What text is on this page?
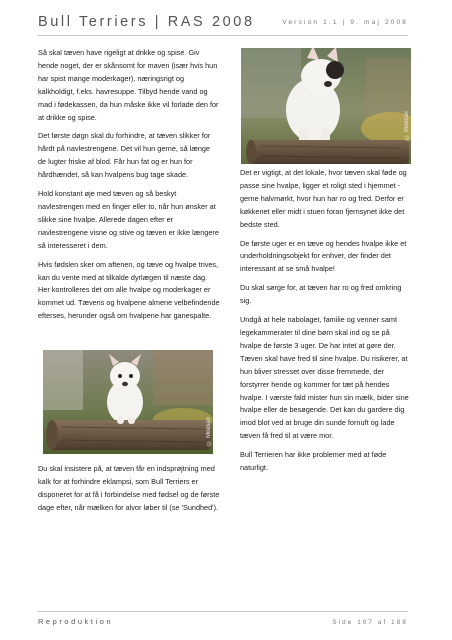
Bull Terriers | RAS 2008	Version 1.1 | 9. maj 2008

Så skal tæven have rigeligt at drikke og spise. Giv hende noget, der er skånsomt for maven (især hvis hun har spist mange moderkager), næringsrigt og kalkholdigt, f.eks. havresuppe. Tilbyd hende vand og mad i fødekassen, da hun måske ikke vil forlade den for at drikke og spise.

Det første døgn skal du forhindre, at tæven slikker for hårdt på navlestrengene. Det vil hun gerne, så længe de lugter friske af blod. Får hun fat og er hun for hårdhændet, så kan hvalpens bug tage skade.

Hold konstant øje med tæven og så beskyt navlestrengen med en finger eller to, når hun ønsker at slikke sine hvalpe. Allerede dagen efter er navlestrengene visne og stive og tæven er ikke længere så interesseret i dem.

Hvis fødslen sker om aftenen, og tæve og hvalpe trives, kan du vente med at tilkalde dyrlægen til næste dag. Her kontrolleres det om alle hvalpe og moderkager er kommet ud. Tævens og hvalpene almene velbefindende efterses, herunder også om hvalpene har ganespalte.

© Moesax

Det er vigtigt, at det lokale, hvor tæven skal føde og passe sine hvalpe, ligger et roligt sted i hjemmet - gerne halvmørkt, hvor hun har ro og fred. Derfor er køkkenet eller midt i stuen foran fjernsynet ikke det bedste sted.

De første uger er en tæve og hendes hvalpe ikke et underholdningsobjekt for enhver, der finder det interessant at se små hvalpe!

Du skal sørge for, at tæven har ro og fred omkring sig.

Undgå at hele nabolaget, familie og venner samt legekammerater til dine børn skal ind og se på hvalpe de første 3 uger. De har intet at gøre der. Tæven skal have fred til sine hvalpe. Du risikerer, at hun bliver stresset over disse fremmede, der forstyrrer hende og kommer for tæt på hendes hvalpe. I værste fald mister hun sin mælk, bider sine hvalpe eller de besøgende. Det kan du gardere dig imod blot ved at bruge din sunde fornuft og lade tæven få fred til at være mor.

Bull Terrieren har ikke problemer med at føde naturligt.

© Moesax

Du skal insistere på, at tæven får en indsprøjtning med kalk for at forhindre eklampsi, som Bull Terriers er disponeret for at få i forbindelse med fødsel og de første dage efter, når mælken for alvor løber til (se 'Sundhed').

Reproduktion	Side 107 af 188
